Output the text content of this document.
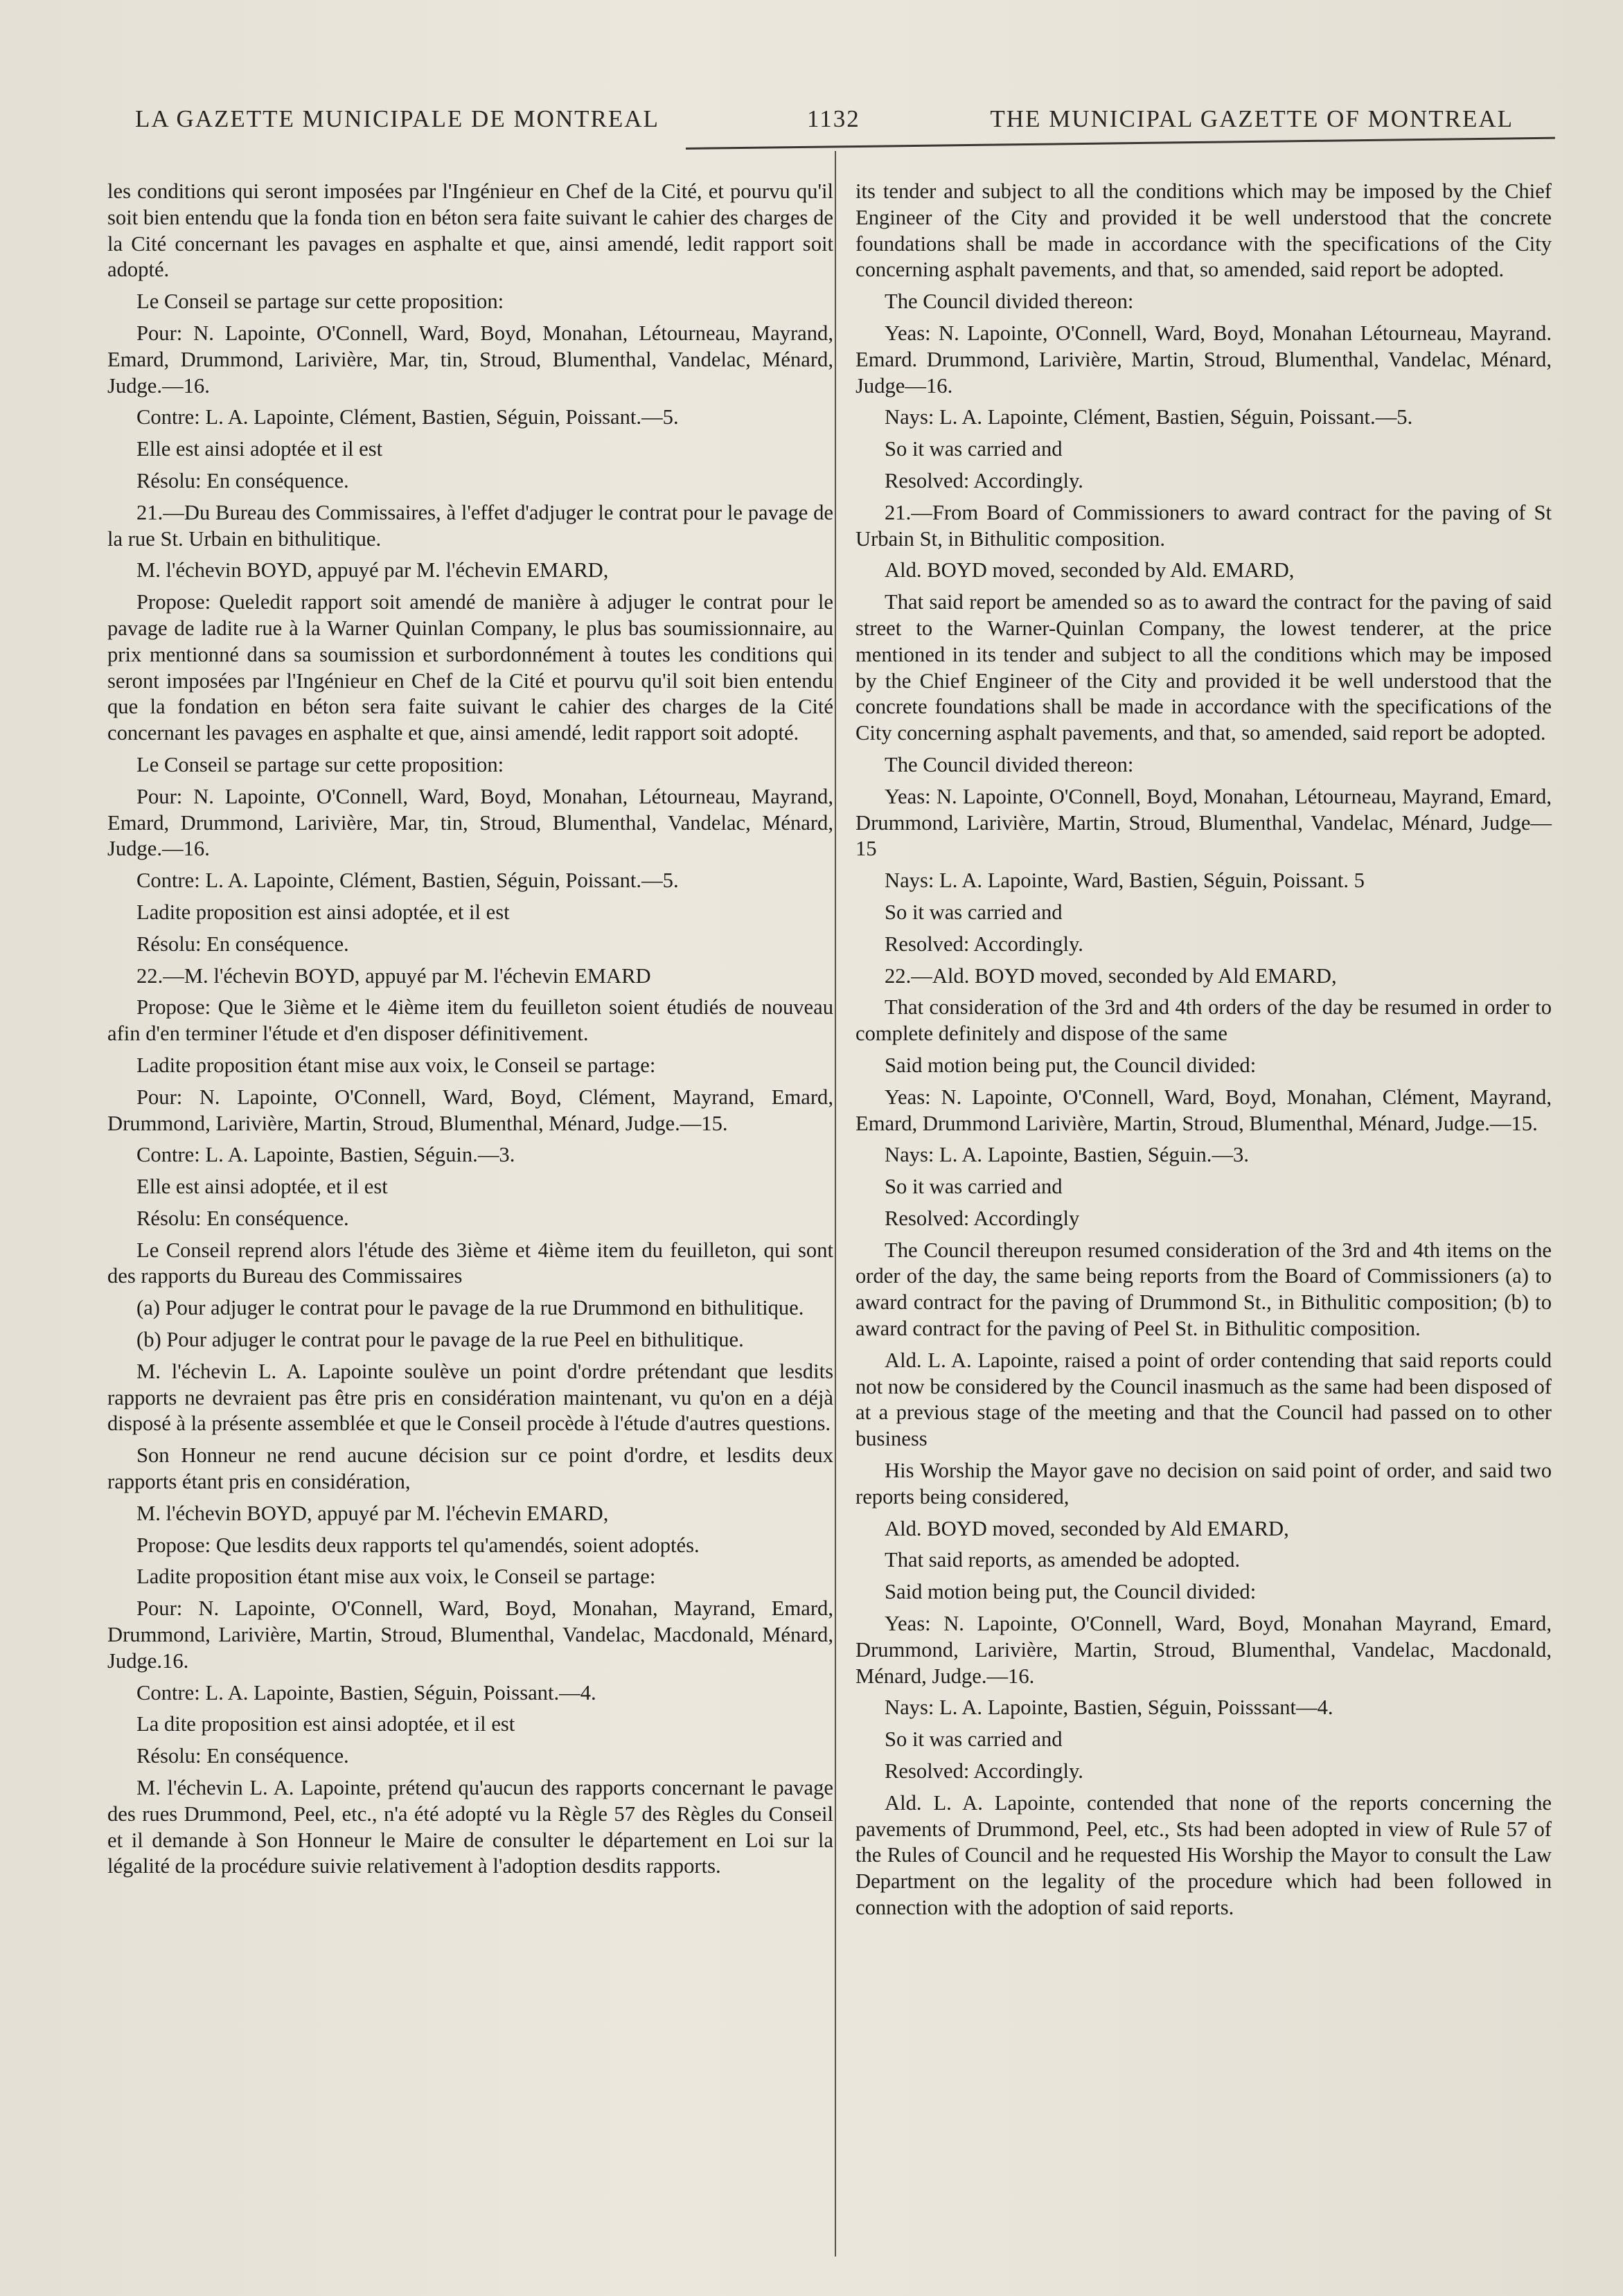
LA GAZETTE MUNICIPALE DE MONTREAL	1132	THE MUNICIPAL GAZETTE OF MONTREAL

les conditions qui seront imposées par l'Ingénieur en Chef de la Cité, et pourvu qu'il soit bien entendu que la fonda tion en béton sera faite suivant le cahier des charges de la Cité concernant les pavages en asphalte et que, ainsi amendé, ledit rapport soit adopté.

Le Conseil se partage sur cette proposition:

Pour: N. Lapointe, O'Connell, Ward, Boyd, Monahan, Létourneau, Mayrand, Emard, Drummond, Larivière, Mar, tin, Stroud, Blumenthal, Vandelac, Ménard, Judge.—16.

Contre: L. A. Lapointe, Clément, Bastien, Séguin, Poissant.—5.

Elle est ainsi adoptée et il est

Résolu: En conséquence.

21.—Du Bureau des Commissaires, à l'effet d'adjuger le contrat pour le pavage de la rue St. Urbain en bithulitique.

M. l'échevin BOYD, appuyé par M. l'échevin EMARD,

Propose: Queledit rapport soit amendé de manière à adjuger le contrat pour le pavage de ladite rue à la Warner Quinlan Company, le plus bas soumissionnaire, au prix mentionné dans sa soumission et surbordonnément à toutes les conditions qui seront imposées par l'Ingénieur en Chef de la Cité et pourvu qu'il soit bien entendu que la fondation en béton sera faite suivant le cahier des charges de la Cité concernant les pavages en asphalte et que, ainsi amendé, ledit rapport soit adopté.

Le Conseil se partage sur cette proposition:

Pour: N. Lapointe, O'Connell, Ward, Boyd, Monahan, Létourneau, Mayrand, Emard, Drummond, Larivière, Mar, tin, Stroud, Blumenthal, Vandelac, Ménard, Judge.—16.

Contre: L. A. Lapointe, Clément, Bastien, Séguin, Poissant.—5.

Ladite proposition est ainsi adoptée, et il est

Résolu: En conséquence.

22.—M. l'échevin BOYD, appuyé par M. l'échevin EMARD

Propose: Que le 3ième et le 4ième item du feuilleton soient étudiés de nouveau afin d'en terminer l'étude et d'en disposer définitivement.

Ladite proposition étant mise aux voix, le Conseil se partage:

Pour: N. Lapointe, O'Connell, Ward, Boyd, Clément, Mayrand, Emard, Drummond, Larivière, Martin, Stroud, Blumenthal, Ménard, Judge.—15.

Contre: L. A. Lapointe, Bastien, Séguin.—3.

Elle est ainsi adoptée, et il est

Résolu: En conséquence.

Le Conseil reprend alors l'étude des 3ième et 4ième item du feuilleton, qui sont des rapports du Bureau des Commissaires

(a) Pour adjuger le contrat pour le pavage de la rue Drummond en bithulitique.

(b) Pour adjuger le contrat pour le pavage de la rue Peel en bithulitique.

M. l'échevin L. A. Lapointe soulève un point d'ordre prétendant que lesdits rapports ne devraient pas être pris en considération maintenant, vu qu'on en a déjà disposé à la présente assemblée et que le Conseil procède à l'étude d'autres questions.

Son Honneur ne rend aucune décision sur ce point d'ordre, et lesdits deux rapports étant pris en considération,

M. l'échevin BOYD, appuyé par M. l'échevin EMARD,

Propose: Que lesdits deux rapports tel qu'amendés, soient adoptés.

Ladite proposition étant mise aux voix, le Conseil se partage:

Pour: N. Lapointe, O'Connell, Ward, Boyd, Monahan, Mayrand, Emard, Drummond, Larivière, Martin, Stroud, Blumenthal, Vandelac, Macdonald, Ménard, Judge.16.

Contre: L. A. Lapointe, Bastien, Séguin, Poissant.—4.

La dite proposition est ainsi adoptée, et il est

Résolu: En conséquence.

M. l'échevin L. A. Lapointe, prétend qu'aucun des rapports concernant le pavage des rues Drummond, Peel, etc., n'a été adopté vu la Règle 57 des Règles du Conseil et il demande à Son Honneur le Maire de consulter le département en Loi sur la légalité de la procédure suivie relativement à l'adoption desdits rapports.

its tender and subject to all the conditions which may be imposed by the Chief Engineer of the City and provided it be well understood that the concrete foundations shall be made in accordance with the specifications of the City concerning asphalt pavements, and that, so amended, said report be adopted.

The Council divided thereon:

Yeas: N. Lapointe, O'Connell, Ward, Boyd, Monahan Létourneau, Mayrand. Emard. Drummond, Larivière, Martin, Stroud, Blumenthal, Vandelac, Ménard, Judge—16.

Nays: L. A. Lapointe, Clément, Bastien, Séguin, Poissant.—5.

So it was carried and

Resolved: Accordingly.

21.—From Board of Commissioners to award contract for the paving of St Urbain St, in Bithulitic composition.

Ald. BOYD moved, seconded by Ald. EMARD,

That said report be amended so as to award the contract for the paving of said street to the Warner-Quinlan Company, the lowest tenderer, at the price mentioned in its tender and subject to all the conditions which may be imposed by the Chief Engineer of the City and provided it be well understood that the concrete foundations shall be made in accordance with the specifications of the City concerning asphalt pavements, and that, so amended, said report be adopted.

The Council divided thereon:

Yeas: N. Lapointe, O'Connell, Boyd, Monahan, Létourneau, Mayrand, Emard, Drummond, Larivière, Martin, Stroud, Blumenthal, Vandelac, Ménard, Judge—15

Nays: L. A. Lapointe, Ward, Bastien, Séguin, Poissant. 5

So it was carried and

Resolved: Accordingly.

22.—Ald. BOYD moved, seconded by Ald EMARD,

That consideration of the 3rd and 4th orders of the day be resumed in order to complete definitely and dispose of the same

Said motion being put, the Council divided:

Yeas: N. Lapointe, O'Connell, Ward, Boyd, Monahan, Clément, Mayrand, Emard, Drummond Larivière, Martin, Stroud, Blumenthal, Ménard, Judge.—15.

Nays: L. A. Lapointe, Bastien, Séguin.—3.

So it was carried and

Resolved: Accordingly

The Council thereupon resumed consideration of the 3rd and 4th items on the order of the day, the same being reports from the Board of Commissioners (a) to award contract for the paving of Drummond St., in Bithulitic composition; (b) to award contract for the paving of Peel St. in Bithulitic composition.

Ald. L. A. Lapointe, raised a point of order contending that said reports could not now be considered by the Council inasmuch as the same had been disposed of at a previous stage of the meeting and that the Council had passed on to other business

His Worship the Mayor gave no decision on said point of order, and said two reports being considered,

Ald. BOYD moved, seconded by Ald EMARD,

That said reports, as amended be adopted.

Said motion being put, the Council divided:

Yeas: N. Lapointe, O'Connell, Ward, Boyd, Monahan Mayrand, Emard, Drummond, Larivière, Martin, Stroud, Blumenthal, Vandelac, Macdonald, Ménard, Judge.—16.

Nays: L. A. Lapointe, Bastien, Séguin, Poisssant—4.

So it was carried and

Resolved: Accordingly.

Ald. L. A. Lapointe, contended that none of the reports concerning the pavements of Drummond, Peel, etc., Sts had been adopted in view of Rule 57 of the Rules of Council and he requested His Worship the Mayor to consult the Law Department on the legality of the procedure which had been followed in connection with the adoption of said reports.
